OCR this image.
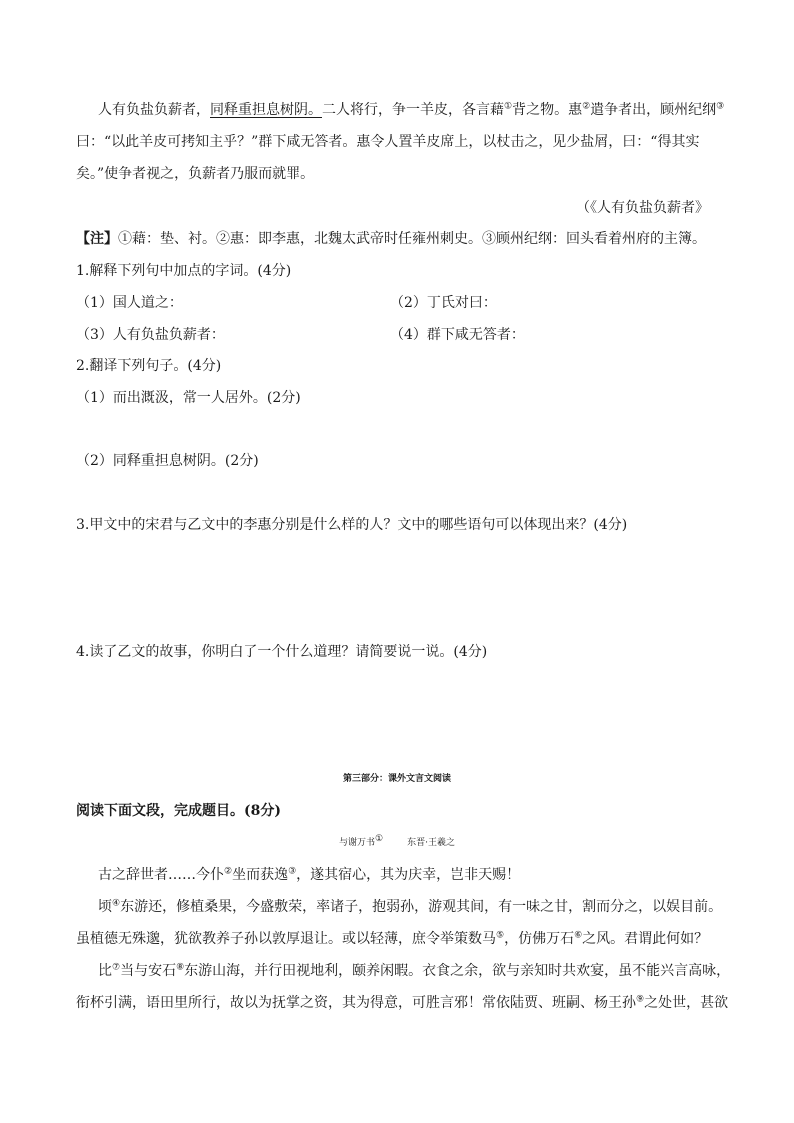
人有负盐负薪者，同释重担息树阴。二人将行，争一羊皮，各言藉①背之物。惠②遣争者出，顾州纪纲③
曰：“以此羊皮可拷知主乎？”群下咸无答者。惠令人置羊皮席上，以杖击之，见少盐屑，曰：“得其实
矣。”使争者视之，负薪者乃服而就罪。
（《人有负盐负薪者》
【注】①藉：垫、衬。②惠：即李惠，北魏太武帝时任雍州刺史。③顾州纪纲：回头看着州府的主簿。
1.解释下列句中加点的字词。(4分)
（1）国人道之：	（2）丁氏对曰：
（3）人有负盐负薪者：	（4）群下咸无答者：
2.翻译下列句子。(4分)
（1）而出溉汲，常一人居外。(2分)
（2）同释重担息树阴。(2分)
3.甲文中的宋君与乙文中的李惠分别是什么样的人？文中的哪些语句可以体现出来？(4分)
4.读了乙文的故事，你明白了一个什么道理？请简要说一说。(4分)
第三部分：课外文言文阅读
阅读下面文段，完成题目。(8分)
与谢万书①	东晋·王羲之
古之辞世者……今仆②坐而获逸③，遂其宿心，其为庆幸，岂非天赐！
顷④东游还，修植桑果，今盛敷荣，率诸子，抱弱孙，游观其间，有一味之甘，割而分之，以娱目前。
虽植德无殊邈，犹欲教养子孙以敦厚退让。或以轻薄，庶令举策数马⑤，仿佛万石⑥之风。君谓此何如？
比⑦当与安石⑧东游山海，并行田视地利，颐养闲暇。衣食之余，欲与亲知时共欢宴，虽不能兴言高咏，
衔杯引满，语田里所行，故以为抚掌之资，其为得意，可胜言邪！常依陆贾、班嗣、杨王孙⑨之处世，甚欲
